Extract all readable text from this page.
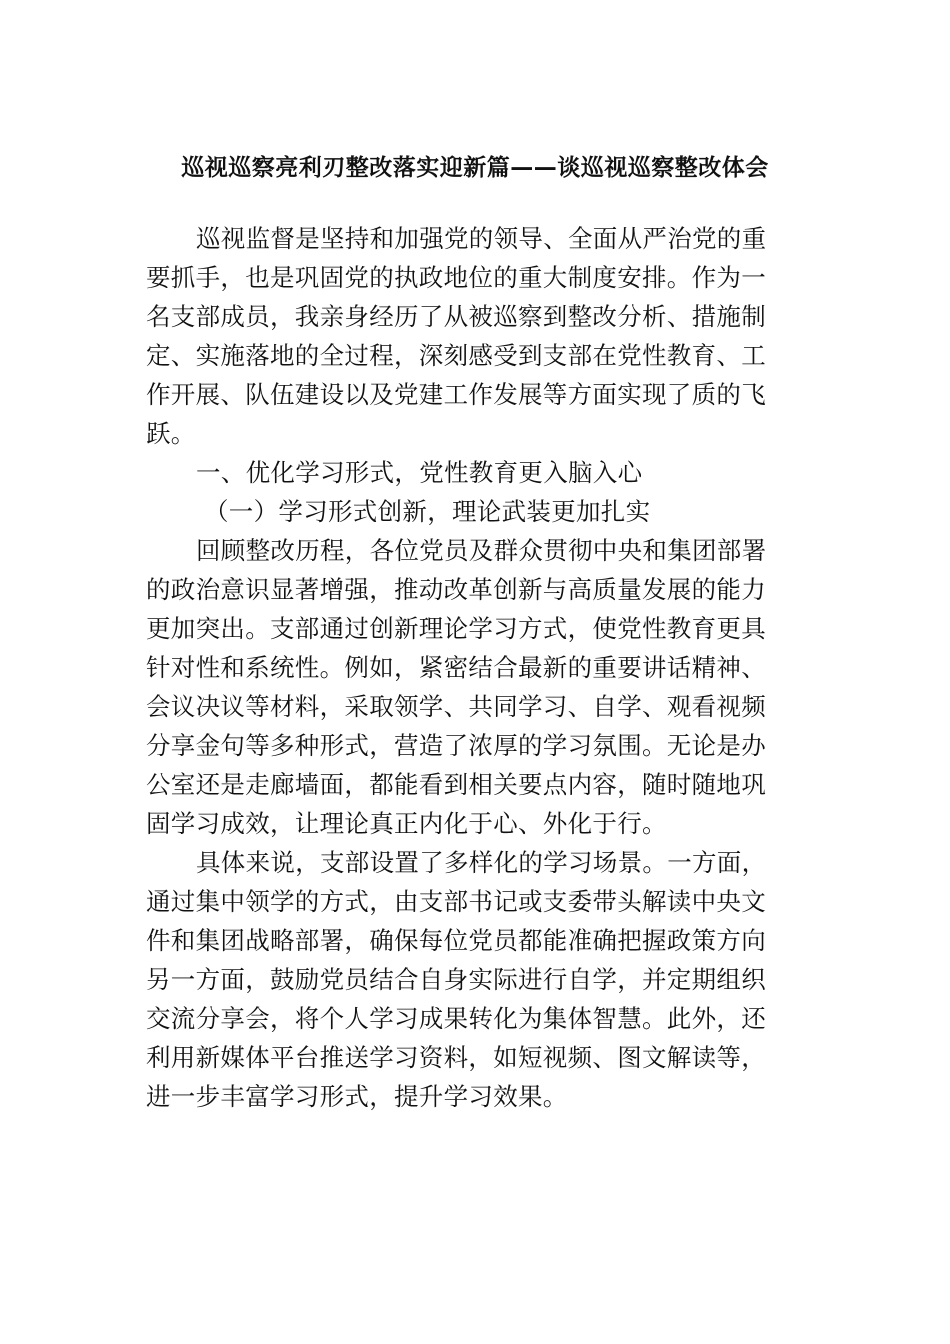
巡视巡察亮利刃整改落实迎新篇——谈巡视巡察整改体会

巡视监督是坚持和加强党的领导、全面从严治党的重

要抓手，也是巩固党的执政地位的重大制度安排。作为一

名支部成员，我亲身经历了从被巡察到整改分析、措施制

定、实施落地的全过程，深刻感受到支部在党性教育、工

作开展、队伍建设以及党建工作发展等方面实现了质的飞

跃。

一、优化学习形式，党性教育更入脑入心

（一）学习形式创新，理论武装更加扎实

回顾整改历程，各位党员及群众贯彻中央和集团部署

的政治意识显著增强，推动改革创新与高质量发展的能力

更加突出。支部通过创新理论学习方式，使党性教育更具

针对性和系统性。例如，紧密结合最新的重要讲话精神、

会议决议等材料，采取领学、共同学习、自学、观看视频

分享金句等多种形式，营造了浓厚的学习氛围。无论是办

公室还是走廊墙面，都能看到相关要点内容，随时随地巩

固学习成效，让理论真正内化于心、外化于行。

具体来说，支部设置了多样化的学习场景。一方面，

通过集中领学的方式，由支部书记或支委带头解读中央文

件和集团战略部署，确保每位党员都能准确把握政策方向

另一方面，鼓励党员结合自身实际进行自学，并定期组织

交流分享会，将个人学习成果转化为集体智慧。此外，还

利用新媒体平台推送学习资料，如短视频、图文解读等，

进一步丰富学习形式，提升学习效果。
